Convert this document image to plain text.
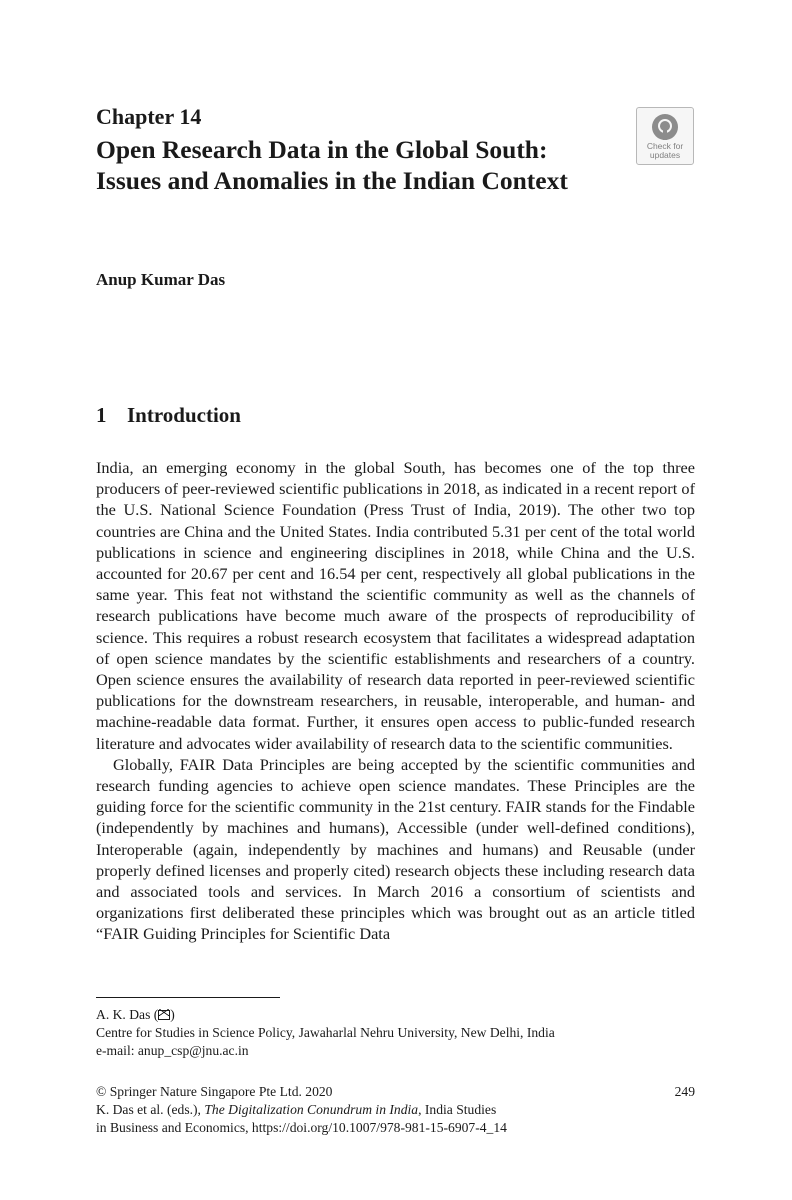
Chapter 14
Open Research Data in the Global South: Issues and Anomalies in the Indian Context
Check for
updates
Anup Kumar Das
1 Introduction

India, an emerging economy in the global South, has becomes one of the top three producers of peer-reviewed scientific publications in 2018, as indicated in a recent report of the U.S. National Science Foundation (Press Trust of India, 2019). The other two top countries are China and the United States. India contributed 5.31 per cent of the total world publications in science and engineering disciplines in 2018, while China and the U.S. accounted for 20.67 per cent and 16.54 per cent, respectively all global publications in the same year. This feat not withstand the scientific community as well as the channels of research publications have become much aware of the prospects of reproducibility of science. This requires a robust research ecosystem that facilitates a widespread adaptation of open science mandates by the scientific establishments and researchers of a country. Open science ensures the availability of research data reported in peer-reviewed scientific publications for the downstream researchers, in reusable, interoperable, and human- and machine-readable data format. Further, it ensures open access to public-funded research literature and advocates wider availability of research data to the scientific communities.

Globally, FAIR Data Principles are being accepted by the scientific communities and research funding agencies to achieve open science mandates. These Principles are the guiding force for the scientific community in the 21st century. FAIR stands for the Findable (independently by machines and humans), Accessible (under well-defined conditions), Interoperable (again, independently by machines and humans) and Reusable (under properly defined licenses and properly cited) research objects these including research data and associated tools and services. In March 2016 a consortium of scientists and organizations first deliberated these principles which was brought out as an article titled “FAIR Guiding Principles for Scientific Data

A. K. Das ( )
Centre for Studies in Science Policy, Jawaharlal Nehru University, New Delhi, India
e-mail: anup_csp@jnu.ac.in
© Springer Nature Singapore Pte Ltd. 2020	249
K. Das et al. (eds.), The Digitalization Conundrum in India, India Studies
in Business and Economics, https://doi.org/10.1007/978-981-15-6907-4_14
